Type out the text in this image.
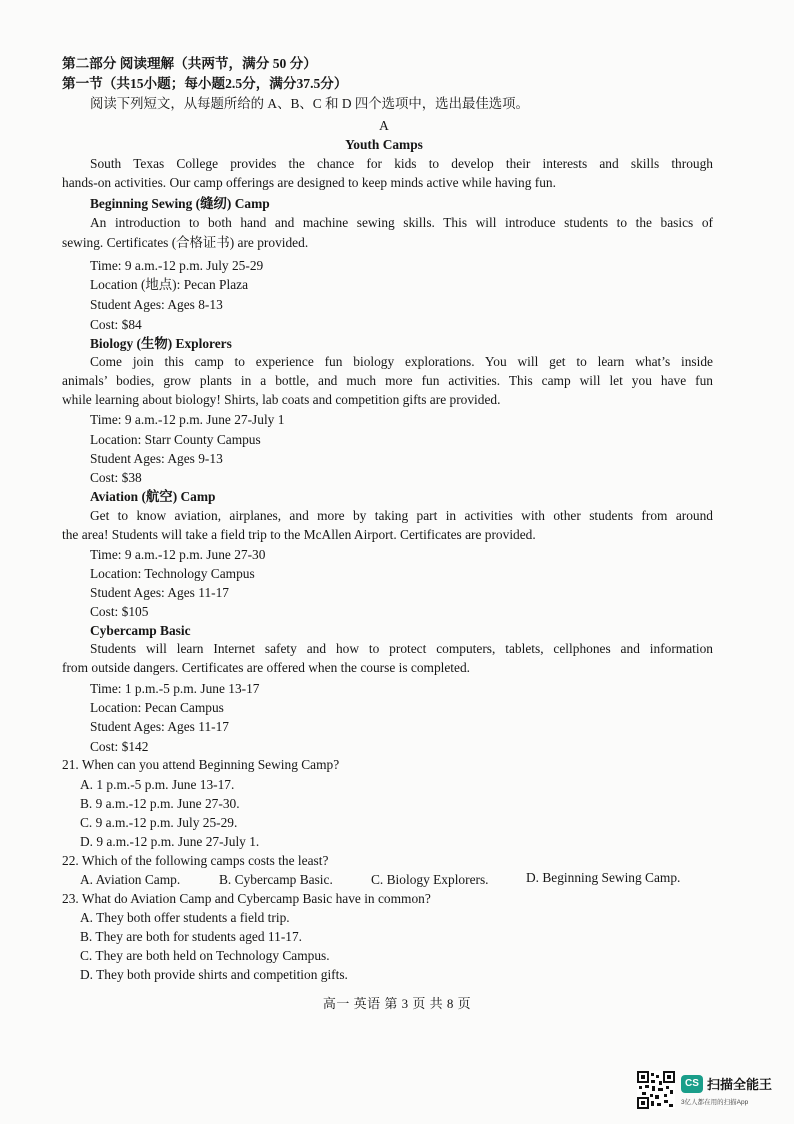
第二部分 阅读理解（共两节，满分 50 分）
第一节（共15小题；每小题2.5分，满分37.5分）
阅读下列短文，从每题所给的 A、B、C 和 D 四个选项中，选出最佳选项。
A
Youth Camps
South Texas College provides the chance for kids to develop their interests and skills through
hands-on activities. Our camp offerings are designed to keep minds active while having fun.
Beginning Sewing (缝纫) Camp
An introduction to both hand and machine sewing skills. This will introduce students to the basics of
sewing. Certificates (合格证书) are provided.
Time: 9 a.m.-12 p.m. July 25-29
Location (地点): Pecan Plaza
Student Ages: Ages 8-13
Cost: $84
Biology (生物) Explorers
Come join this camp to experience fun biology explorations. You will get to learn what’s inside
animals’ bodies, grow plants in a bottle, and much more fun activities. This camp will let you have fun
while learning about biology! Shirts, lab coats and competition gifts are provided.
Time: 9 a.m.-12 p.m. June 27-July 1
Location: Starr County Campus
Student Ages: Ages 9-13
Cost: $38
Aviation (航空) Camp
Get to know aviation, airplanes, and more by taking part in activities with other students from around
the area! Students will take a field trip to the McAllen Airport. Certificates are provided.
Time: 9 a.m.-12 p.m. June 27-30
Location: Technology Campus
Student Ages: Ages 11-17
Cost: $105
Cybercamp Basic
Students will learn Internet safety and how to protect computers, tablets, cellphones and information
from outside dangers. Certificates are offered when the course is completed.
Time: 1 p.m.-5 p.m. June 13-17
Location: Pecan Campus
Student Ages: Ages 11-17
Cost: $142
21. When can you attend Beginning Sewing Camp?
A. 1 p.m.-5 p.m. June 13-17.
B. 9 a.m.-12 p.m. June 27-30.
C. 9 a.m.-12 p.m. July 25-29.
D. 9 a.m.-12 p.m. June 27-July 1.
22. Which of the following camps costs the least?
A. Aviation Camp.	B. Cybercamp Basic.	C. Biology Explorers.	D. Beginning Sewing Camp.
23. What do Aviation Camp and Cybercamp Basic have in common?
A. They both offer students a field trip.
B. They are both for students aged 11-17.
C. They are both held on Technology Campus.
D. They both provide shirts and competition gifts.
高一 英语 第 3 页 共 8 页
CS 扫描全能王
3亿人都在用的扫描App
